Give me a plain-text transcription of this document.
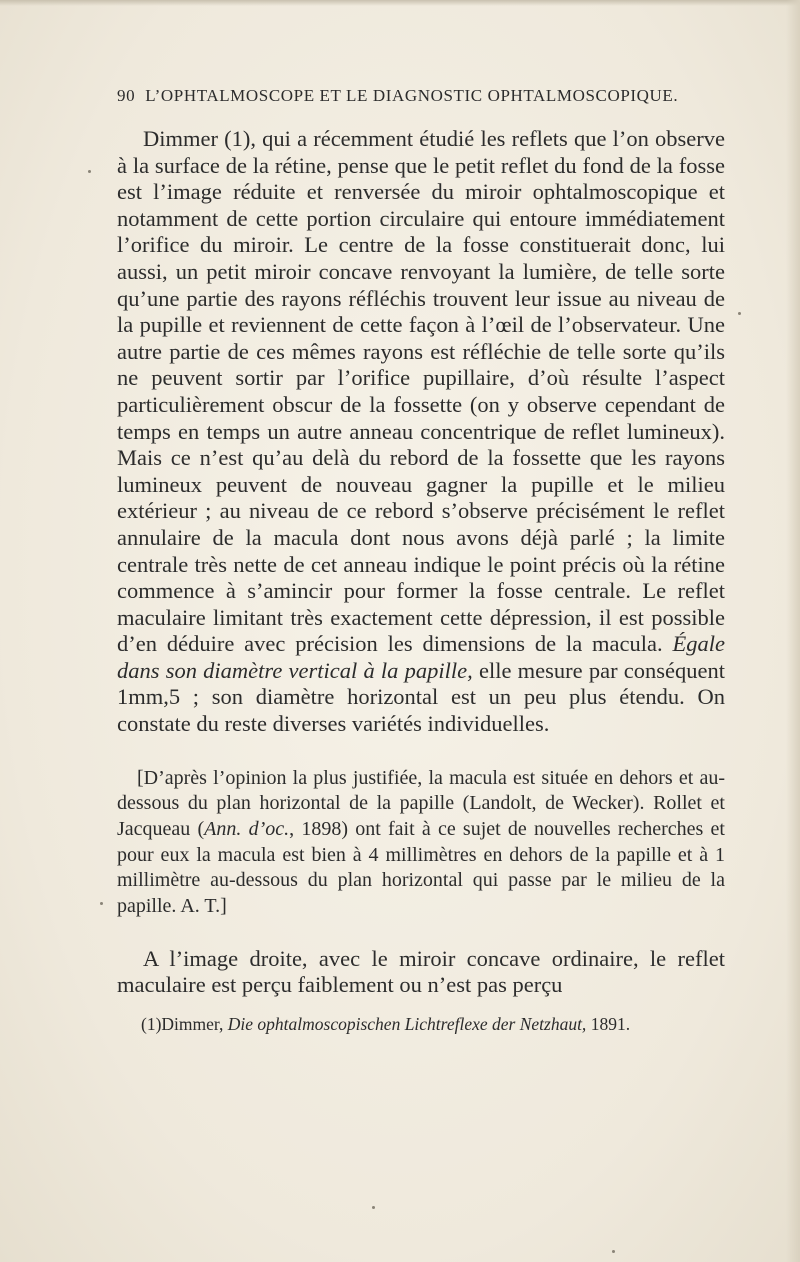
90 L’OPHTALMOSCOPE ET LE DIAGNOSTIC OPHTALMOSCOPIQUE.

Dimmer (1), qui a récemment étudié les reflets que l’on observe à la surface de la rétine, pense que le petit reflet du fond de la fosse est l’image réduite et renversée du miroir ophtalmoscopique et notamment de cette portion circulaire qui entoure immédiatement l’orifice du miroir. Le centre de la fosse constituerait donc, lui aussi, un petit miroir concave renvoyant la lumière, de telle sorte qu’une partie des rayons réfléchis trouvent leur issue au niveau de la pupille et reviennent de cette façon à l’œil de l’observateur. Une autre partie de ces mêmes rayons est réfléchie de telle sorte qu’ils ne peuvent sortir par l’orifice pupillaire, d’où résulte l’aspect particulièrement obscur de la fossette (on y observe cependant de temps en temps un autre anneau concentrique de reflet lumineux). Mais ce n’est qu’au delà du rebord de la fossette que les rayons lumineux peuvent de nouveau gagner la pupille et le milieu extérieur ; au niveau de ce rebord s’observe précisément le reflet annulaire de la macula dont nous avons déjà parlé ; la limite centrale très nette de cet anneau indique le point précis où la rétine commence à s’amincir pour former la fosse centrale. Le reflet maculaire limitant très exactement cette dépression, il est possible d’en déduire avec précision les dimensions de la macula. Égale dans son diamètre vertical à la papille, elle mesure par conséquent 1mm,5 ; son diamètre horizontal est un peu plus étendu. On constate du reste diverses variétés individuelles.

[D’après l’opinion la plus justifiée, la macula est située en dehors et au-dessous du plan horizontal de la papille (Landolt, de Wecker). Rollet et Jacqueau (Ann. d’oc., 1898) ont fait à ce sujet de nouvelles recherches et pour eux la macula est bien à 4 millimètres en dehors de la papille et à 1 millimètre au-dessous du plan horizontal qui passe par le milieu de la papille. A. T.]

A l’image droite, avec le miroir concave ordinaire, le reflet maculaire est perçu faiblement ou n’est pas perçu

(1)Dimmer, Die ophtalmoscopischen Lichtreflexe der Netzhaut, 1891.
